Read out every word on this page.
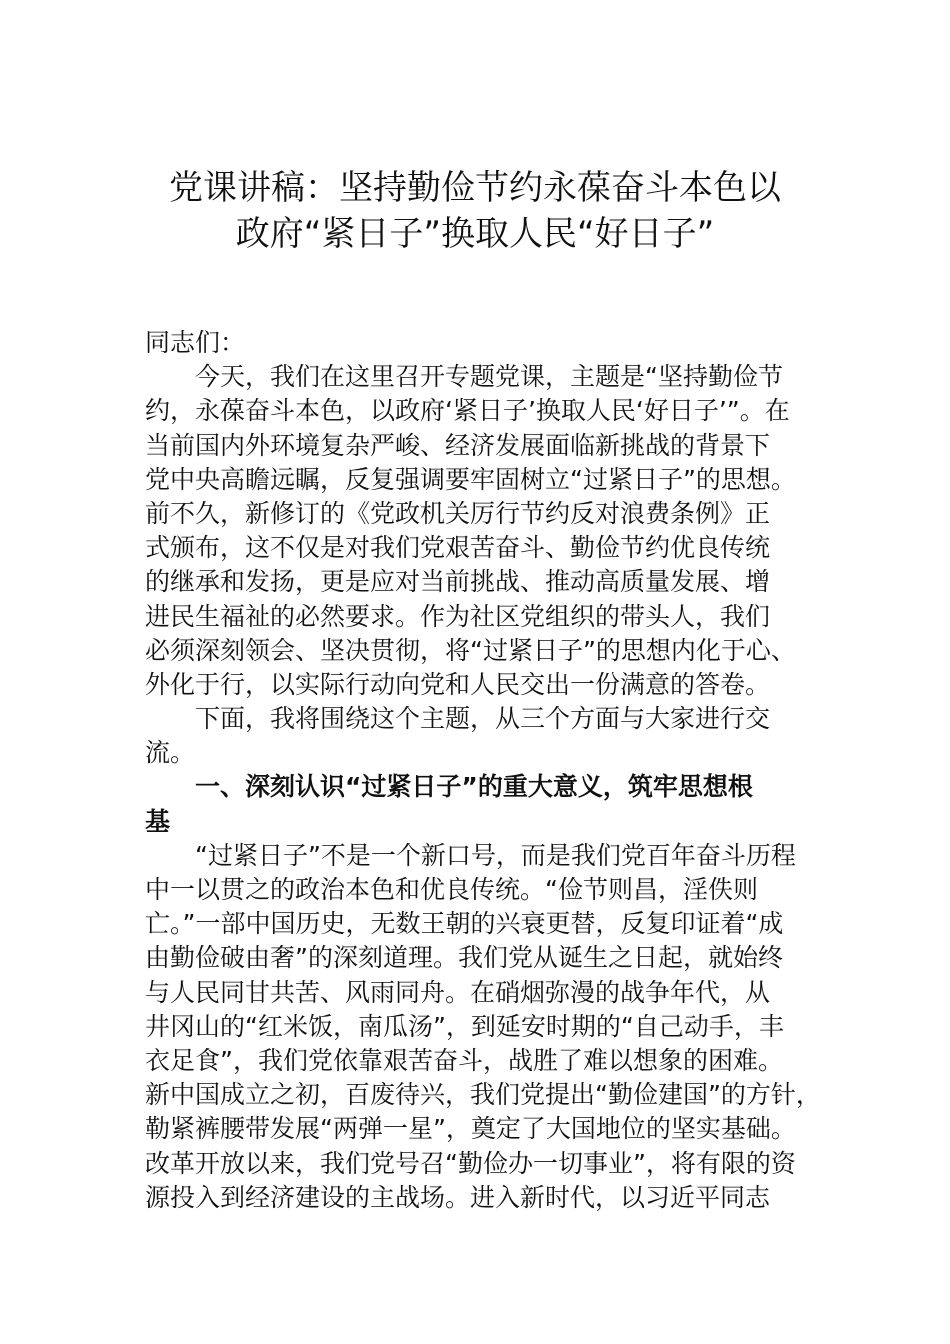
党课讲稿：坚持勤俭节约永葆奋斗本色以
政府“紧日子”换取人民“好日子”
同志们：
今天，我们在这里召开专题党课，主题是“坚持勤俭节
约，永葆奋斗本色，以政府‘紧日子’换取人民‘好日子’”。在
当前国内外环境复杂严峻、经济发展面临新挑战的背景下
党中央高瞻远瞩，反复强调要牢固树立“过紧日子”的思想。
前不久，新修订的《党政机关厉行节约反对浪费条例》正
式颁布，这不仅是对我们党艰苦奋斗、勤俭节约优良传统
的继承和发扬，更是应对当前挑战、推动高质量发展、增
进民生福祉的必然要求。作为社区党组织的带头人，我们
必须深刻领会、坚决贯彻，将“过紧日子”的思想内化于心、
外化于行，以实际行动向党和人民交出一份满意的答卷。
下面，我将围绕这个主题，从三个方面与大家进行交
流。
一、深刻认识“过紧日子”的重大意义，筑牢思想根
基
“过紧日子”不是一个新口号，而是我们党百年奋斗历程
中一以贯之的政治本色和优良传统。“俭节则昌，淫佚则
亡。”一部中国历史，无数王朝的兴衰更替，反复印证着“成
由勤俭破由奢”的深刻道理。我们党从诞生之日起，就始终
与人民同甘共苦、风雨同舟。在硝烟弥漫的战争年代，从
井冈山的“红米饭，南瓜汤”，到延安时期的“自己动手，丰
衣足食”，我们党依靠艰苦奋斗，战胜了难以想象的困难。
新中国成立之初，百废待兴，我们党提出“勤俭建国”的方针，
勒紧裤腰带发展“两弹一星”，奠定了大国地位的坚实基础。
改革开放以来，我们党号召“勤俭办一切事业”，将有限的资
源投入到经济建设的主战场。进入新时代，以习近平同志
